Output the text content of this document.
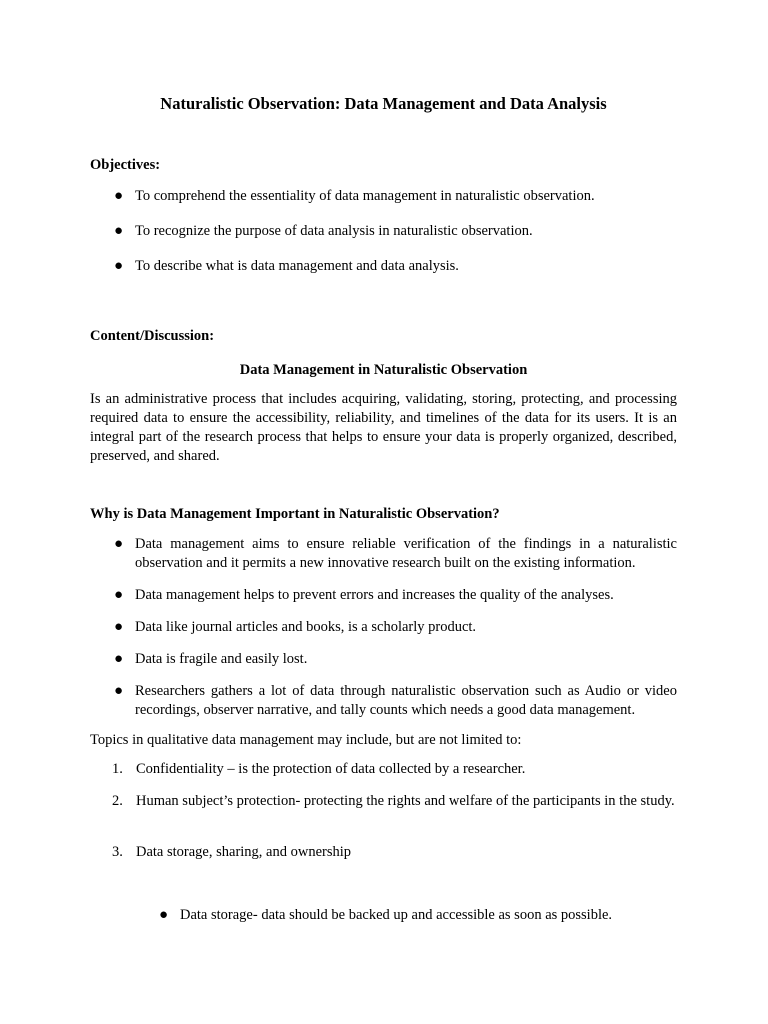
Naturalistic Observation: Data Management and Data Analysis

Objectives:

● To comprehend the essentiality of data management in naturalistic observation.
● To recognize the purpose of data analysis in naturalistic observation.
● To describe what is data management and data analysis.

Content/Discussion:

Data Management in Naturalistic Observation

Is an administrative process that includes acquiring, validating, storing, protecting, and processing required data to ensure the accessibility, reliability, and timelines of the data for its users. It is an integral part of the research process that helps to ensure your data is properly organized, described, preserved, and shared.

Why is Data Management Important in Naturalistic Observation?

● Data management aims to ensure reliable verification of the findings in a naturalistic observation and it permits a new innovative research built on the existing information.
● Data management helps to prevent errors and increases the quality of the analyses.
● Data like journal articles and books, is a scholarly product.
● Data is fragile and easily lost.
● Researchers gathers a lot of data through naturalistic observation such as Audio or video recordings, observer narrative, and tally counts which needs a good data management.

Topics in qualitative data management may include, but are not limited to:

1. Confidentiality – is the protection of data collected by a researcher.
2. Human subject’s protection- protecting the rights and welfare of the participants in the study.
3. Data storage, sharing, and ownership
● Data storage- data should be backed up and accessible as soon as possible.
